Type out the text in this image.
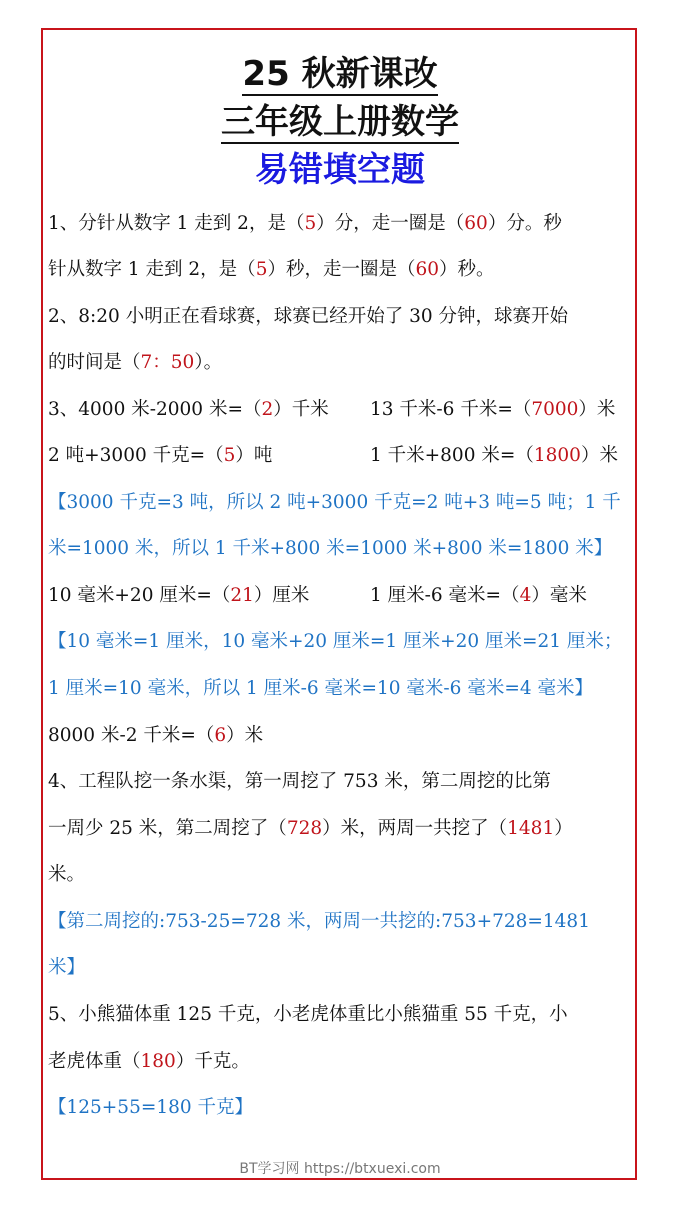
25 秋新课改
三年级上册数学
易错填空题
1、分针从数字 1 走到 2，是（5）分，走一圈是（60）分。秒
针从数字 1 走到 2，是（5）秒，走一圈是（60）秒。
2、8:20 小明正在看球赛，球赛已经开始了 30 分钟，球赛开始
的时间是（7：50）。
3、4000 米-2000 米=（2）千米 13 千米-6 千米=（7000）米
2 吨+3000 千克=（5）吨	1 千米+800 米=（1800）米
【3000 千克=3 吨，所以 2 吨+3000 千克=2 吨+3 吨=5 吨；1 千
米=1000 米，所以 1 千米+800 米=1000 米+800 米=1800 米】
10 毫米+20 厘米=（21）厘米	1 厘米-6 毫米=（4）毫米
【10 毫米=1 厘米，10 毫米+20 厘米=1 厘米+20 厘米=21 厘米；
1 厘米=10 毫米，所以 1 厘米-6 毫米=10 毫米-6 毫米=4 毫米】
8000 米-2 千米=（6）米
4、工程队挖一条水渠，第一周挖了 753 米，第二周挖的比第
一周少 25 米，第二周挖了（728）米，两周一共挖了（1481）
米。
【第二周挖的:753-25=728 米，两周一共挖的:753+728=1481
米】
5、小熊猫体重 125 千克，小老虎体重比小熊猫重 55 千克，小
老虎体重（180）千克。
【125+55=180 千克】
BT学习网 https://btxuexi.com
